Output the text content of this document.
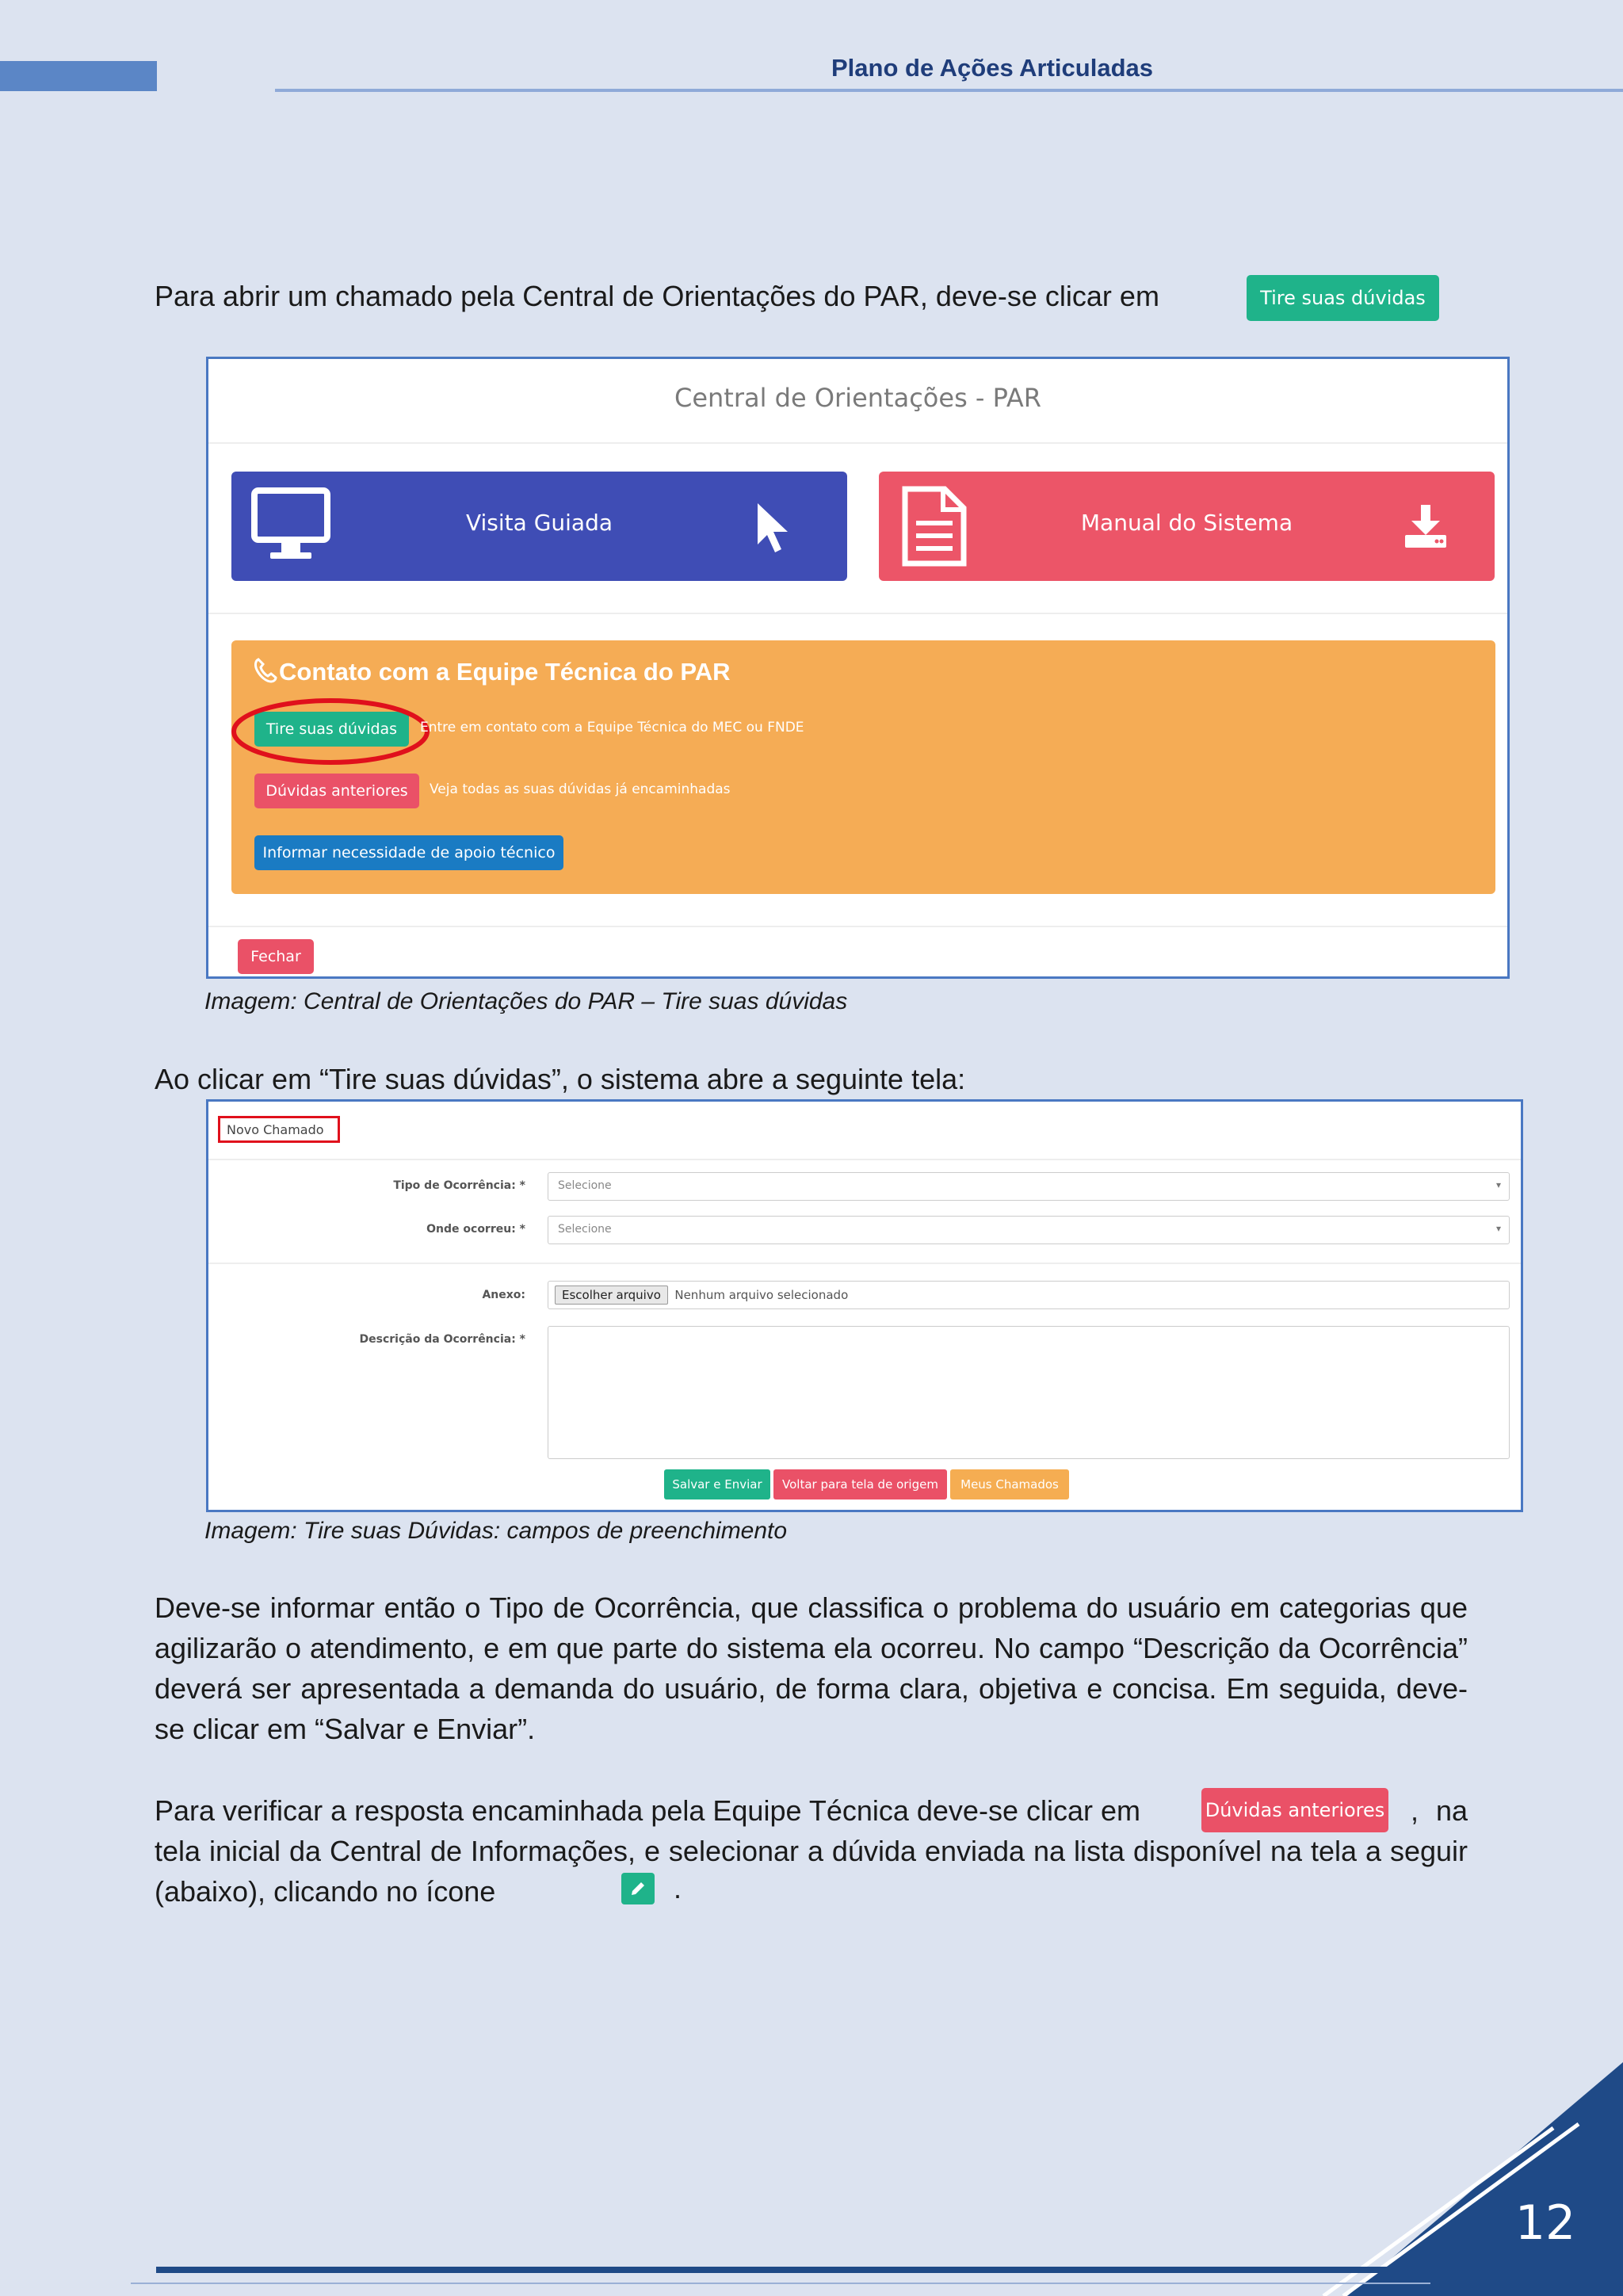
Plano de Ações Articuladas
Para abrir um chamado pela Central de Orientações do PAR, deve-se clicar em	Tire suas dúvidas
Central de Orientações - PAR
Visita Guiada	Manual do Sistema
Contato com a Equipe Técnica do PAR
Tire suas dúvidas	Entre em contato com a Equipe Técnica do MEC ou FNDE
Dúvidas anteriores	Veja todas as suas dúvidas já encaminhadas
Informar necessidade de apoio técnico
Fechar
Imagem: Central de Orientações do PAR – Tire suas dúvidas
Ao clicar em “Tire suas dúvidas”, o sistema abre a seguinte tela:
Novo Chamado
Tipo de Ocorrência: *	Selecione	▾
Onde ocorreu: *	Selecione	▾
Anexo:	Escolher arquivo Nenhum arquivo selecionado
Descrição da Ocorrência: *
Salvar e Enviar	Voltar para tela de origem	Meus Chamados
Imagem: Tire suas Dúvidas: campos de preenchimento
Deve-se informar então o Tipo de Ocorrência, que classifica o problema do usuário em categorias que agilizarão o atendimento, e em que parte do sistema ela ocorreu. No campo “Descrição da Ocorrência” deverá ser apresentada a demanda do usuário, de forma clara, objetiva e concisa. Em seguida, deve-se clicar em “Salvar e Enviar”.
Para verificar a resposta encaminhada pela Equipe Técnica deve-se clicar em	Dúvidas anteriores , na tela inicial da Central de Informações, e selecionar a dúvida enviada na lista disponível na tela a seguir (abaixo), clicando no ícone	.
12
